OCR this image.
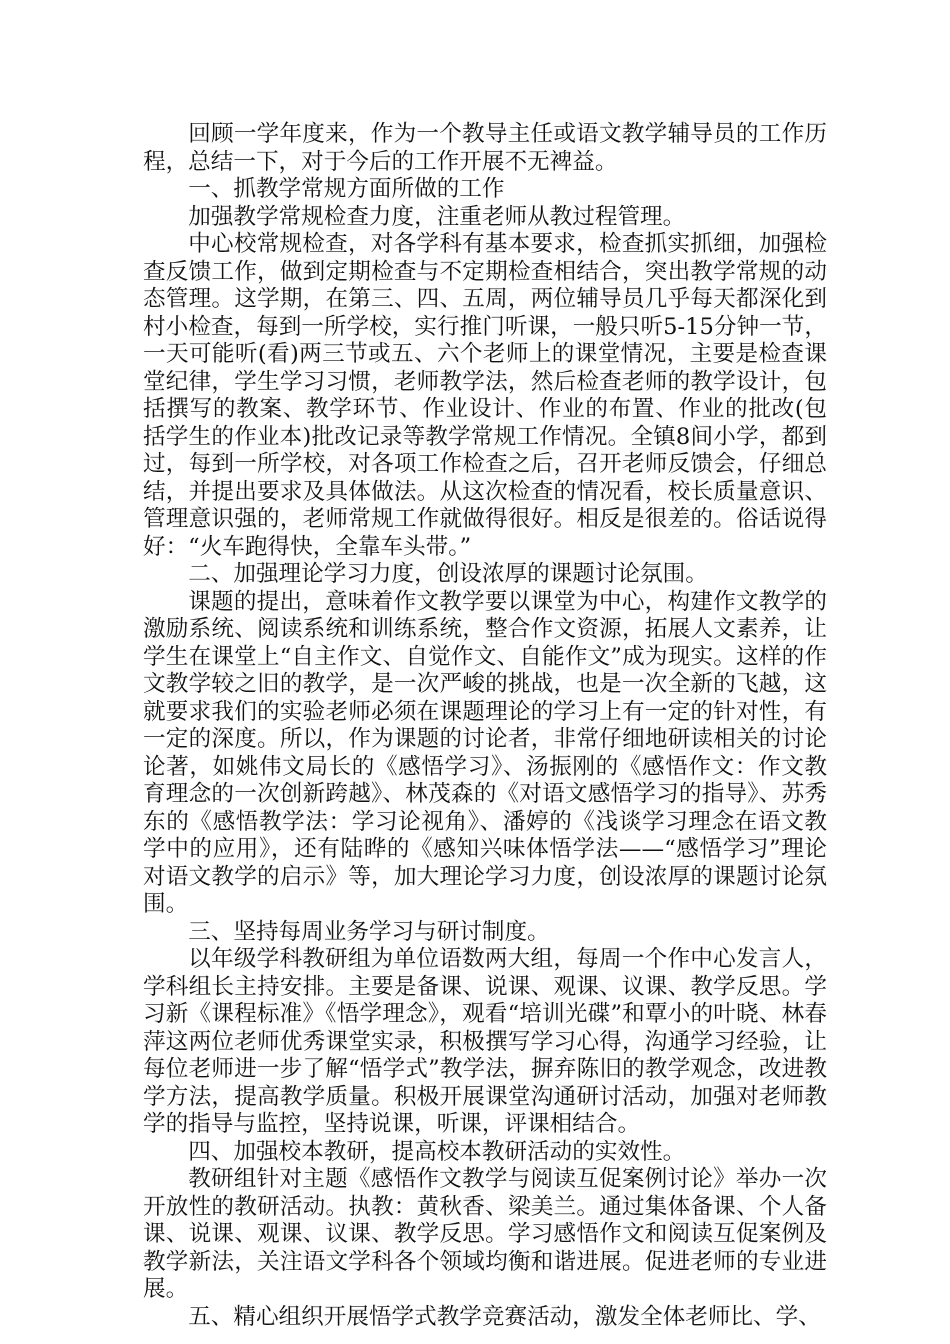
回顾一学年度来，作为一个教导主任或语文教学辅导员的工作历程，总结一下，对于今后的工作开展不无裨益。

一、抓教学常规方面所做的工作

加强教学常规检查力度，注重老师从教过程管理。

中心校常规检查，对各学科有基本要求，检查抓实抓细，加强检查反馈工作，做到定期检查与不定期检查相结合，突出教学常规的动态管理。这学期，在第三、四、五周，两位辅导员几乎每天都深化到村小检查，每到一所学校，实行推门听课，一般只听5-15分钟一节，一天可能听(看)两三节或五、六个老师上的课堂情况，主要是检查课堂纪律，学生学习习惯，老师教学法，然后检查老师的教学设计，包括撰写的教案、教学环节、作业设计、作业的布置、作业的批改(包括学生的作业本)批改记录等教学常规工作情况。全镇8间小学，都到过，每到一所学校，对各项工作检查之后，召开老师反馈会，仔细总结，并提出要求及具体做法。从这次检查的情况看，校长质量意识、管理意识强的，老师常规工作就做得很好。相反是很差的。俗话说得好：“火车跑得快，全靠车头带。”

二、加强理论学习力度，创设浓厚的课题讨论氛围。

课题的提出，意味着作文教学要以课堂为中心，构建作文教学的激励系统、阅读系统和训练系统，整合作文资源，拓展人文素养，让学生在课堂上“自主作文、自觉作文、自能作文”成为现实。这样的作文教学较之旧的教学，是一次严峻的挑战，也是一次全新的飞越，这就要求我们的实验老师必须在课题理论的学习上有一定的针对性，有一定的深度。所以，作为课题的讨论者，非常仔细地研读相关的讨论论著，如姚伟文局长的《感悟学习》、汤振刚的《感悟作文：作文教育理念的一次创新跨越》、林茂森的《对语文感悟学习的指导》、苏秀东的《感悟教学法：学习论视角》、潘婷的《浅谈学习理念在语文教学中的应用》，还有陆晔的《感知兴味体悟学法——“感悟学习”理论对语文教学的启示》等，加大理论学习力度，创设浓厚的课题讨论氛围。

三、坚持每周业务学习与研讨制度。

以年级学科教研组为单位语数两大组，每周一个作中心发言人，学科组长主持安排。主要是备课、说课、观课、议课、教学反思。学习新《课程标准》《悟学理念》，观看“培训光碟”和覃小的叶晓、林春萍这两位老师优秀课堂实录，积极撰写学习心得，沟通学习经验，让每位老师进一步了解“悟学式”教学法，摒弃陈旧的教学观念，改进教学方法，提高教学质量。积极开展课堂沟通研讨活动，加强对老师教学的指导与监控，坚持说课，听课，评课相结合。

四、加强校本教研，提高校本教研活动的实效性。

教研组针对主题《感悟作文教学与阅读互促案例讨论》举办一次开放性的教研活动。执教：黄秋香、梁美兰。通过集体备课、个人备课、说课、观课、议课、教学反思。学习感悟作文和阅读互促案例及教学新法，关注语文学科各个领域均衡和谐进展。促进老师的专业进展。

五、精心组织开展悟学式教学竞赛活动，激发全体老师比、学、
